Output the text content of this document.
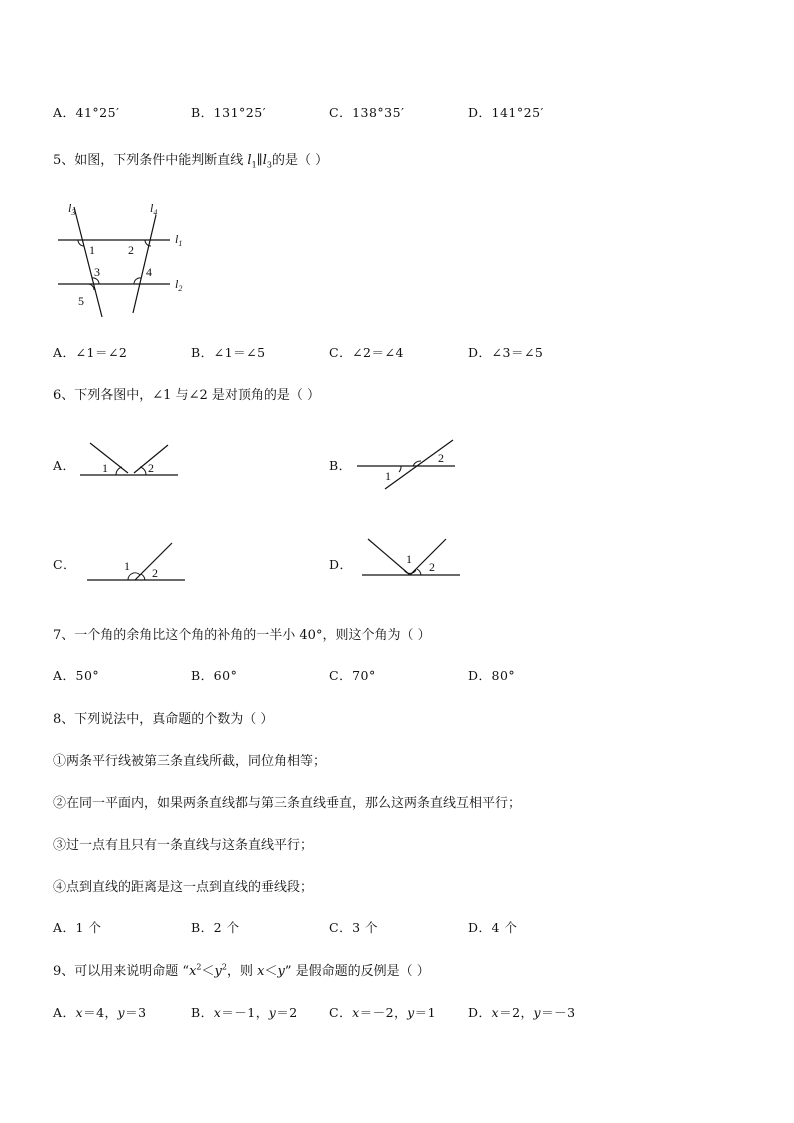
A．41°25′	B．131°25′	C．138°35′	D．141°25′
5、如图，下列条件中能判断直线 $l_1\parallel l_3$的是（ ）
$l_3$	$l_4$
$l_1$
$l_2$
1	2
3	4
5
A．∠1＝∠2	B．∠1＝∠5	C．∠2＝∠4	D．∠3＝∠5
6、下列各图中，∠1 与∠2 是对顶角的是（ ）
A． 1	2	B．	2
1
C．	1 2
D．	1
2
7、一个角的余角比这个角的补角的一半小 40°，则这个角为（ ）
A．50°	B．60°	C．70°	D．80°
8、下列说法中，真命题的个数为（ ）
①两条平行线被第三条直线所截，同位角相等；
②在同一平面内，如果两条直线都与第三条直线垂直，那么这两条直线互相平行；
③过一点有且只有一条直线与这条直线平行；
④点到直线的距离是这一点到直线的垂线段；
A．1 个	B．2 个	C．3 个	D．4 个
9、可以用来说明命题 “$x^2<y^2$，则 x＜y” 是假命题的反例是（ ）
A．x＝4，y＝3	B．x＝－1，y＝2	C．x＝－2，y＝1	D．x＝2，y＝－3
